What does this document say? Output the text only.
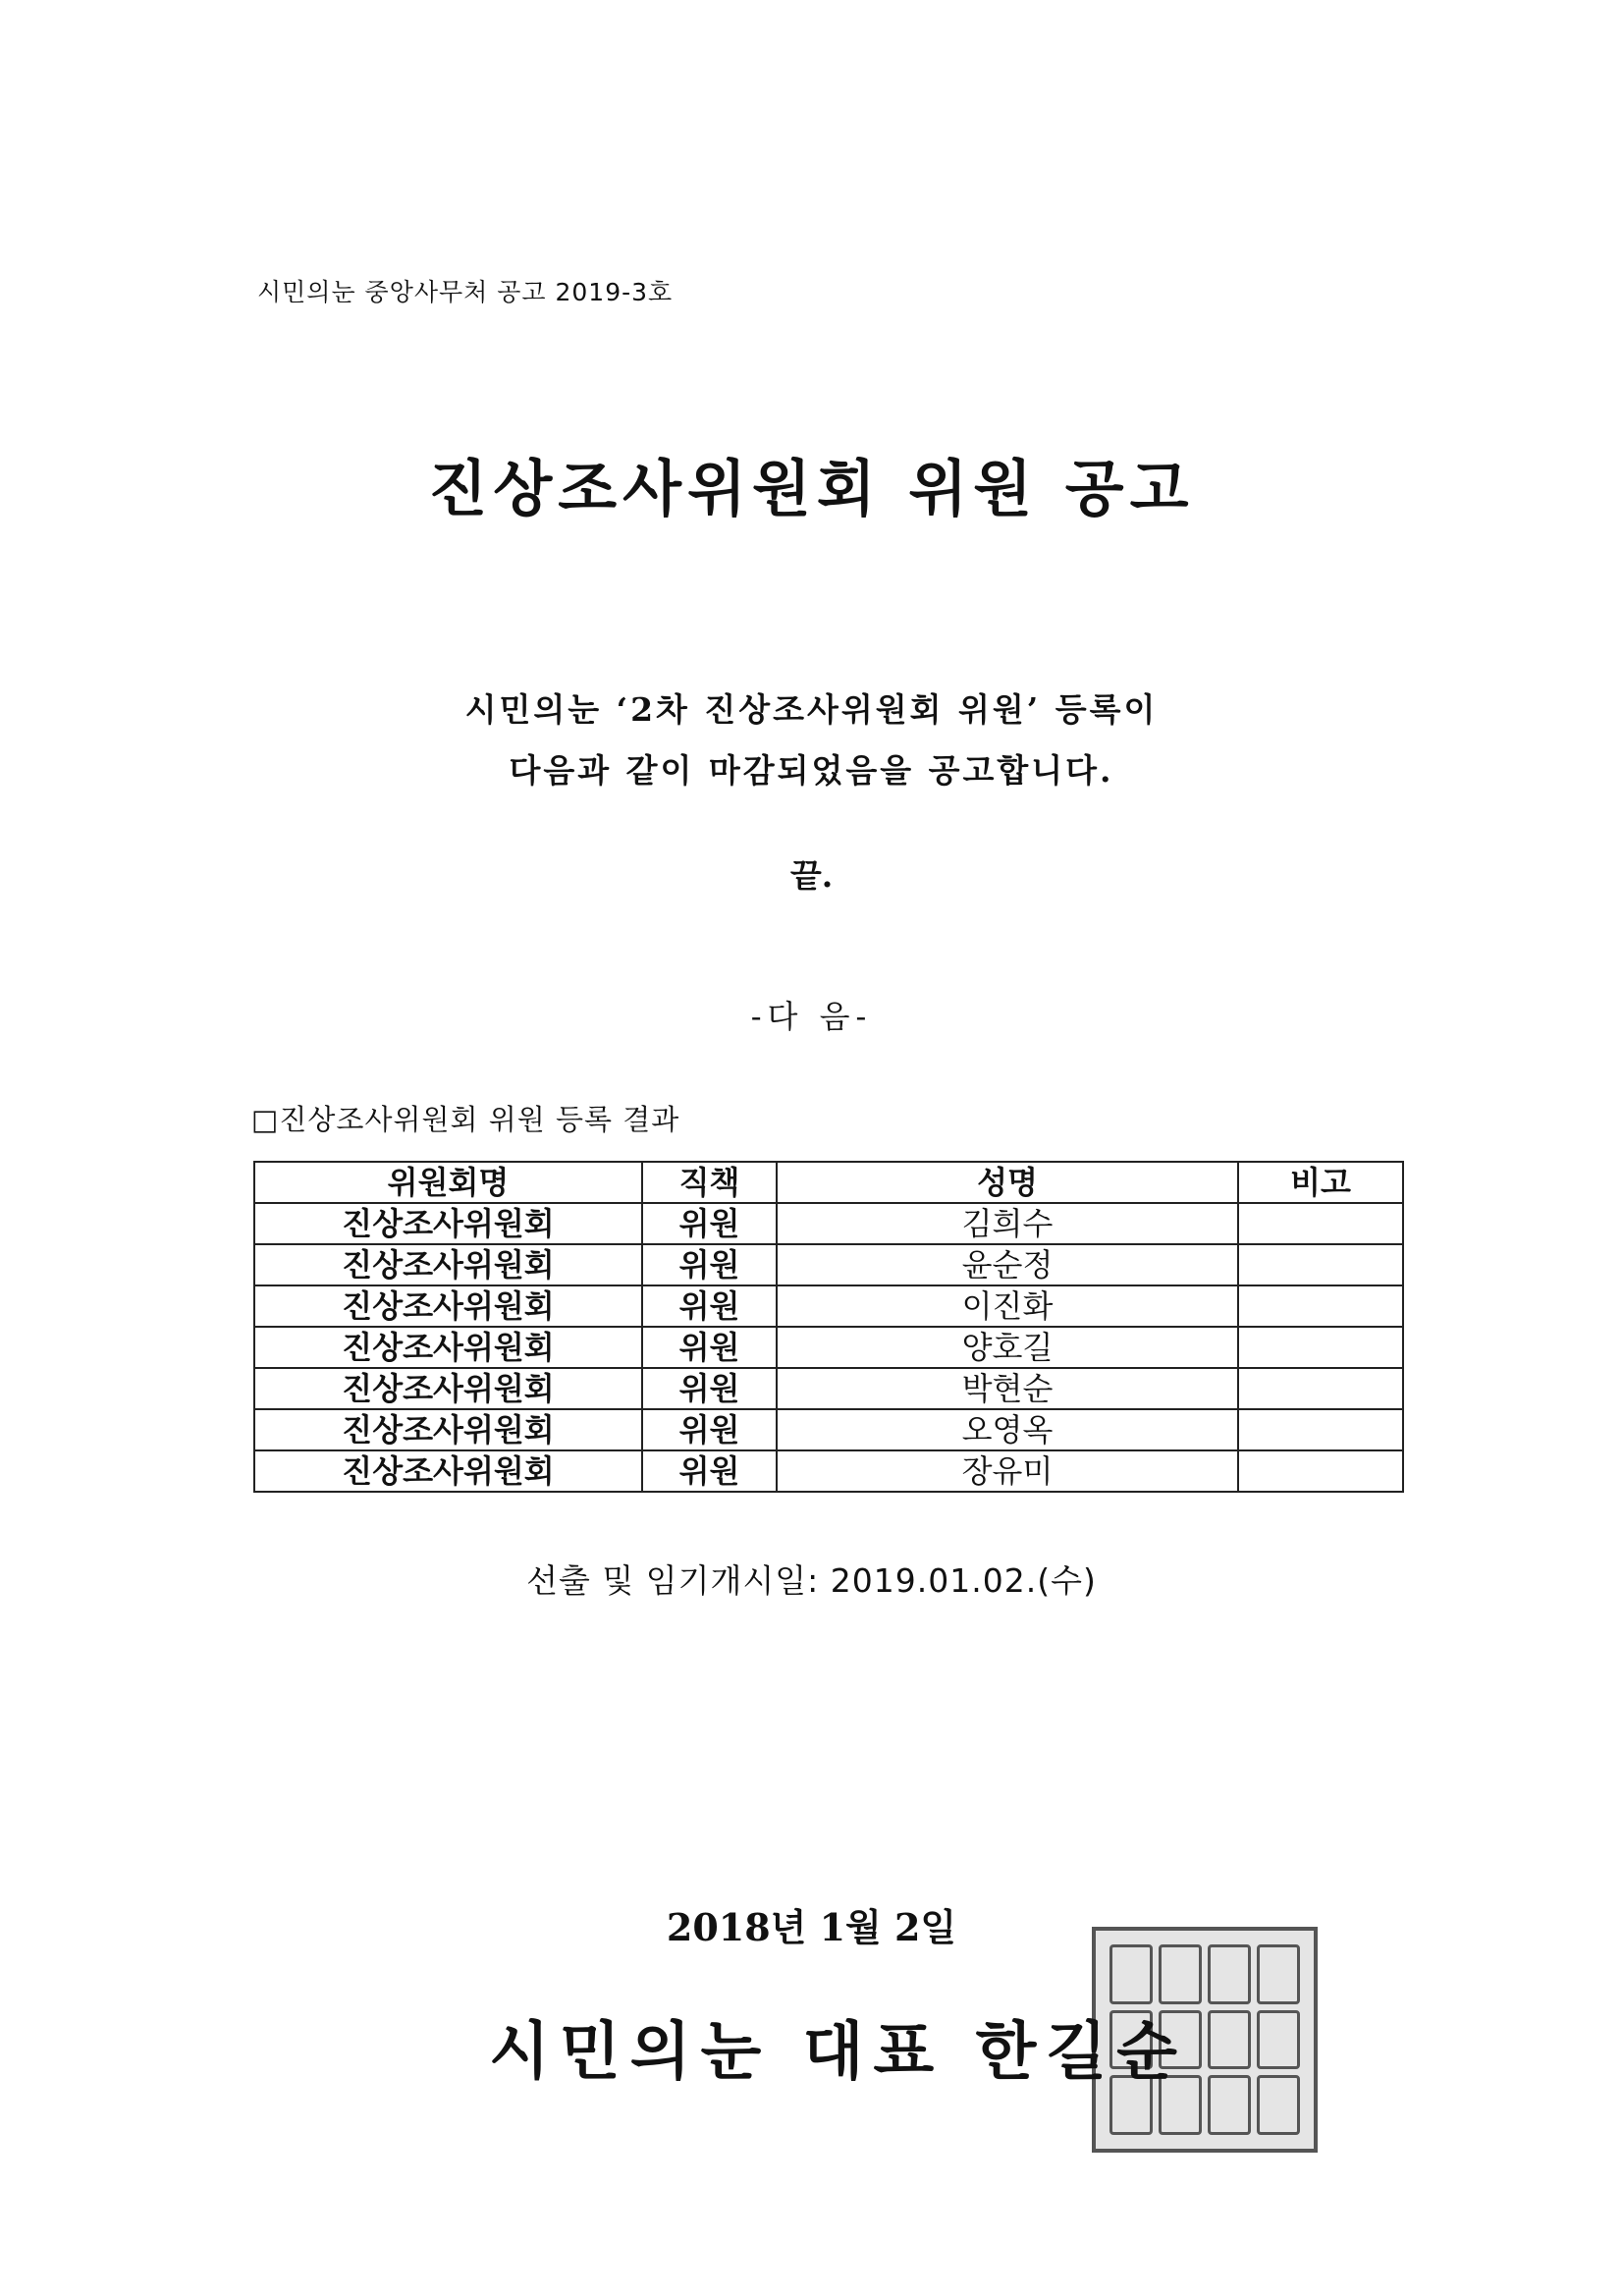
시민의눈 중앙사무처 공고 2019-3호
진상조사위원회 위원 공고
시민의눈 ‘2차 진상조사위원회 위원’ 등록이
다음과 같이 마감되었음을 공고합니다.
끝.
-다 음-
□진상조사위원회 위원 등록 결과
위원회명	직책	성명	비고
진상조사위원회	위원	김희수	
진상조사위원회	위원	윤순정	
진상조사위원회	위원	이진화	
진상조사위원회	위원	양호길	
진상조사위원회	위원	박현순	
진상조사위원회	위원	오영옥	
진상조사위원회	위원	장유미	
선출 및 임기개시일: 2019.01.02.(수)
2018년 1월 2일
시민의눈 대표 한길순
